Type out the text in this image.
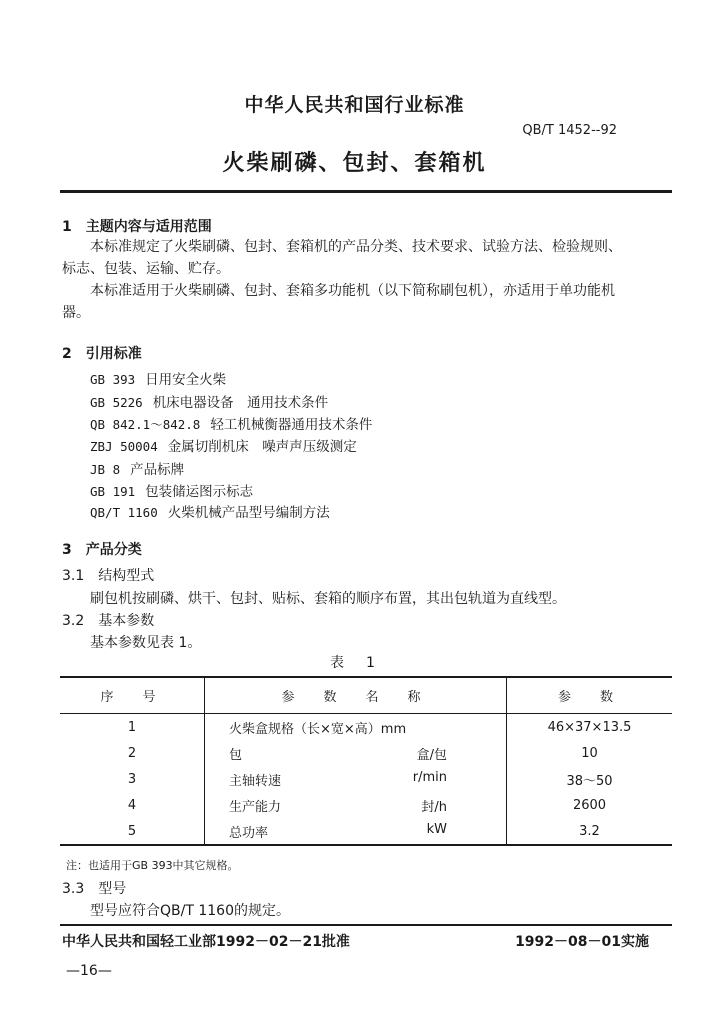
中华人民共和国行业标准
QB/T 1452--92
火柴刷磷、包封、套箱机
1　主题内容与适用范围
本标准规定了火柴刷磷、包封、套箱机的产品分类、技术要求、试验方法、检验规则、
标志、包装、运输、贮存。
本标准适用于火柴刷磷、包封、套箱多功能机（以下简称刷包机），亦适用于单功能机
器。
2　引用标准
GB 393 日用安全火柴
GB 5226 机床电器设备　通用技术条件
QB 842.1～842.8 轻工机械衡器通用技术条件
ZBJ 50004 金属切削机床　噪声声压级测定
JB 8 产品标牌
GB 191 包装储运图示标志
QB/T 1160 火柴机械产品型号编制方法
3　产品分类
3.1　结构型式
刷包机按刷磷、烘干、包封、贴标、套箱的顺序布置，其出包轨道为直线型。
3.2　基本参数
基本参数见表 1。
表　1
序　号	参　数　名　称	参　数
1	火柴盒规格（长×宽×高）mm	46×37×13.5
2	包 盒/包	10
3	主轴转速 r/min	38～50
4	生产能力 封/h	2600
5	总功率 kW	3.2
注：也适用于GB 393中其它规格。
3.3　型号
型号应符合QB/T 1160的规定。
中华人民共和国轻工业部1992－02－21批准	1992－08－01实施
—16—
